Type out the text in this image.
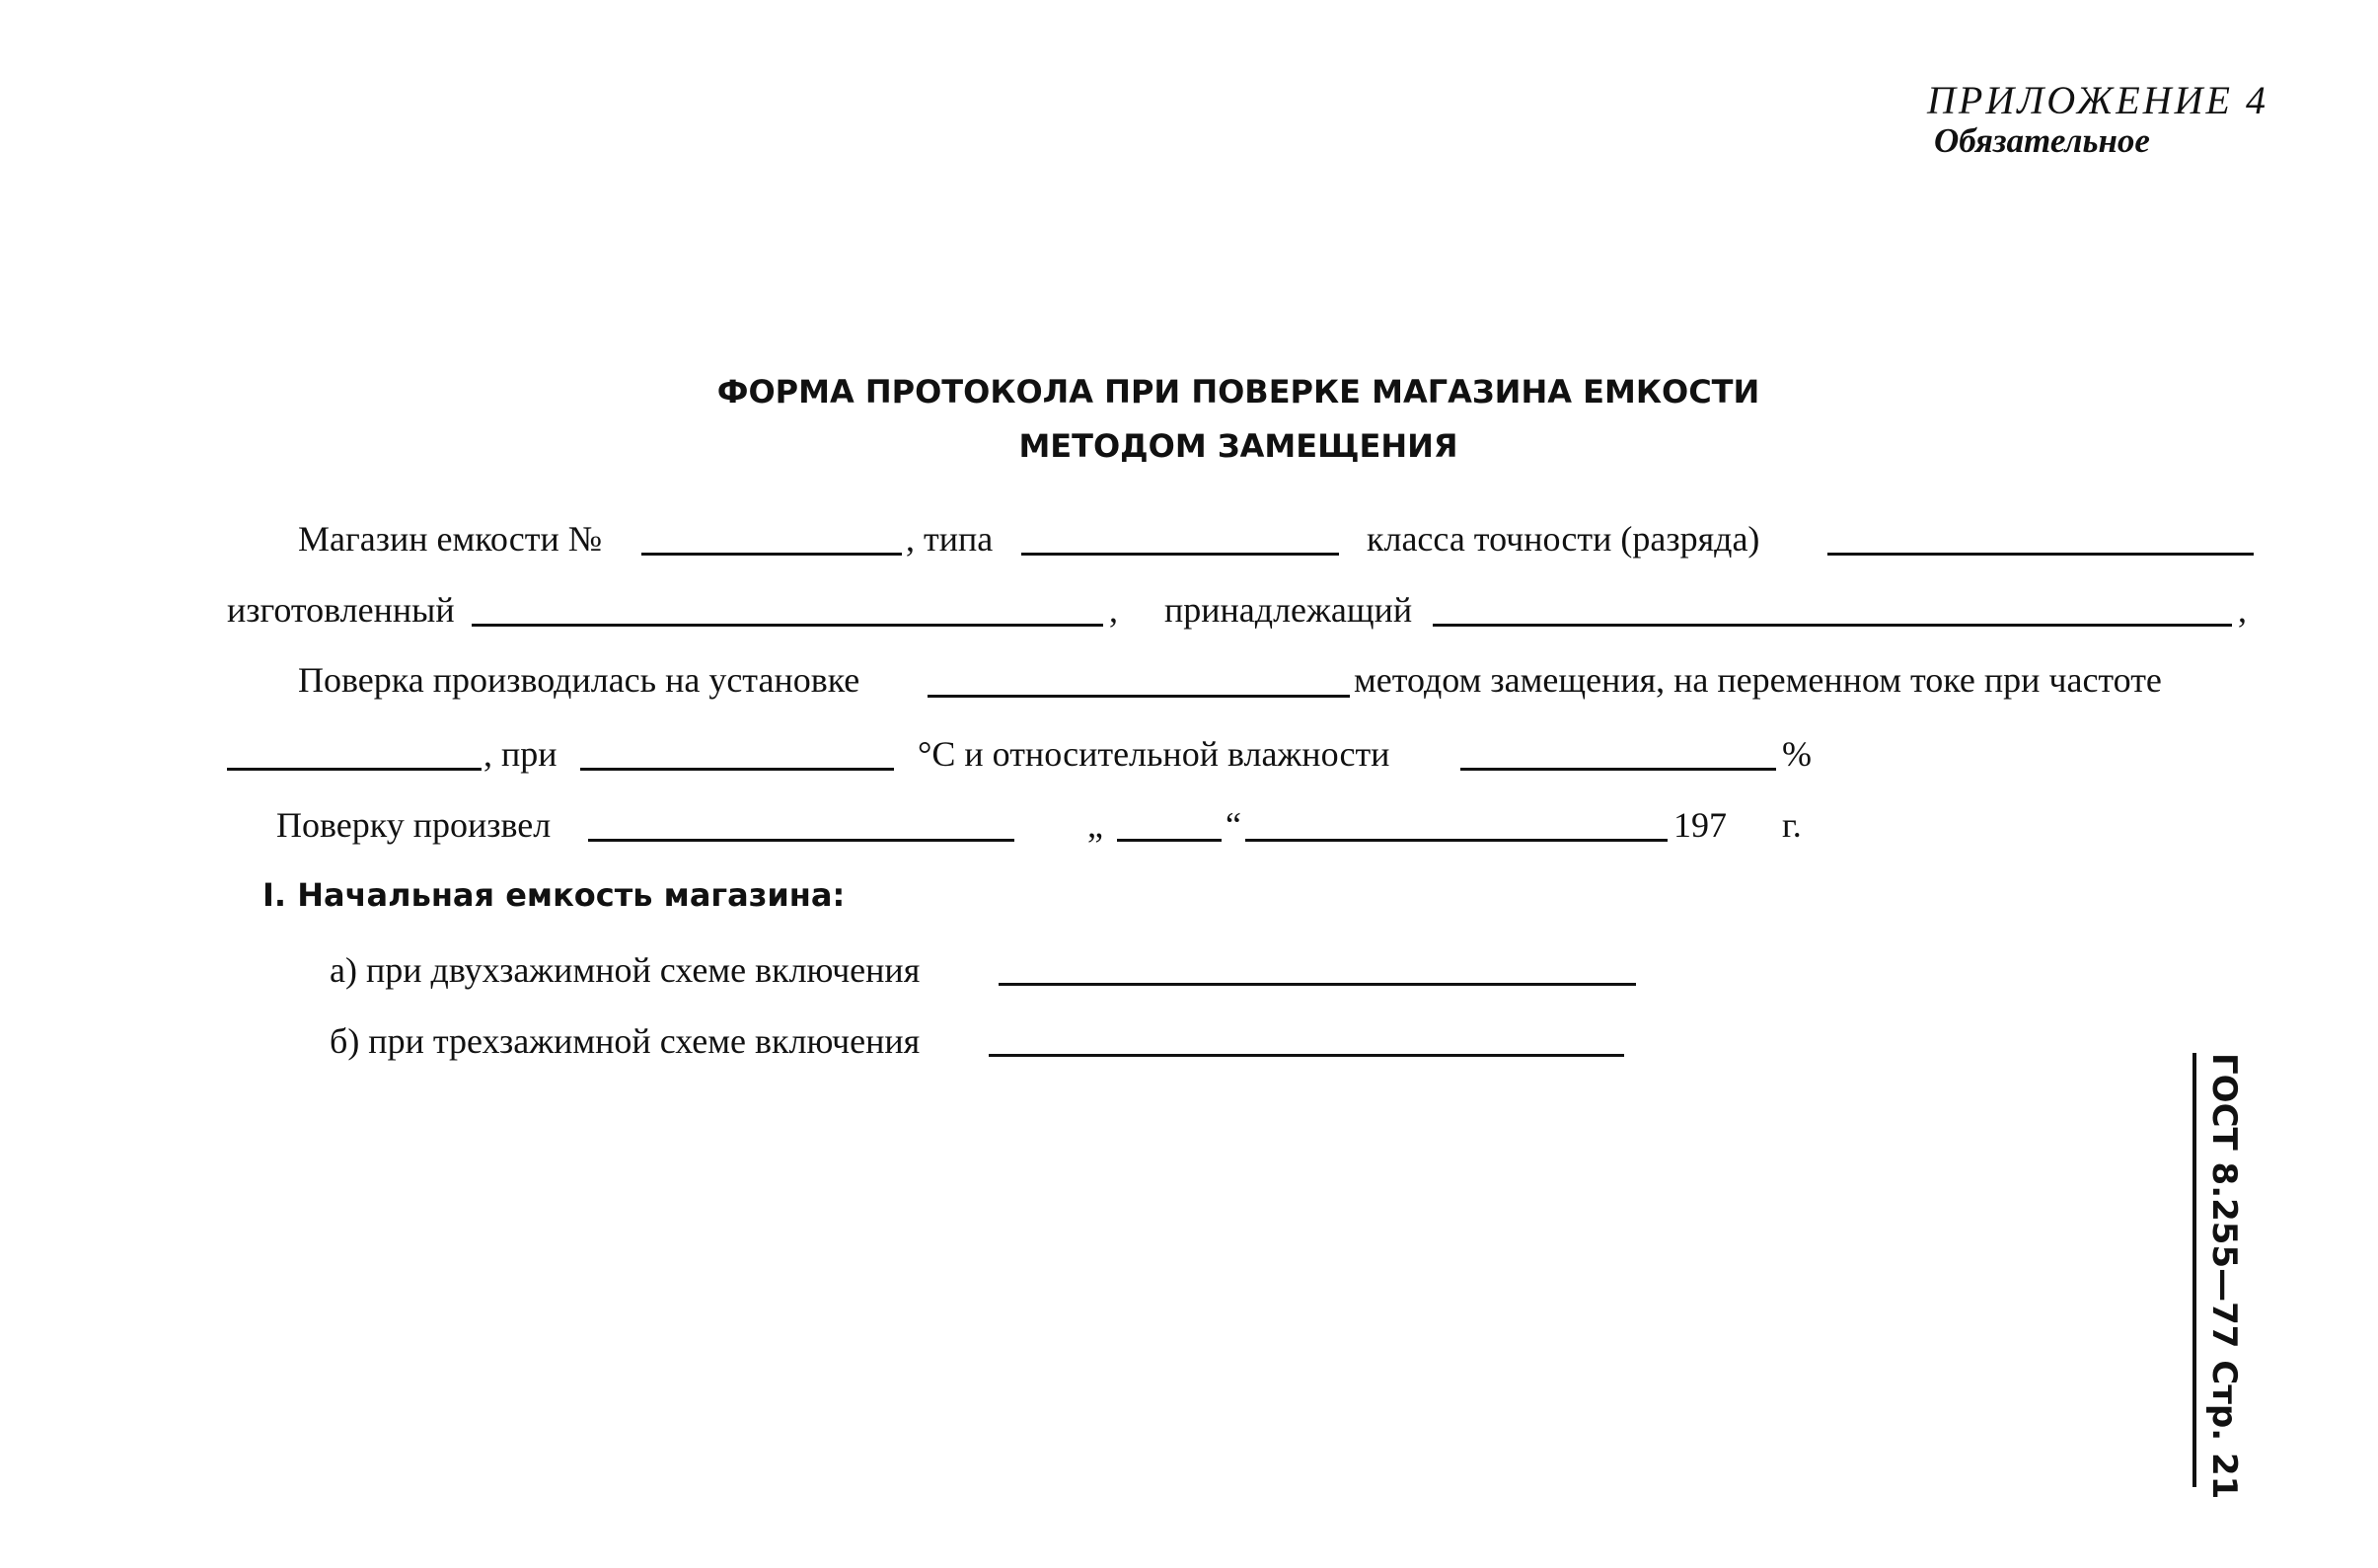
ПРИЛОЖЕНИЕ 4
Обязательное
ФОРМА ПРОТОКОЛА ПРИ ПОВЕРКЕ МАГАЗИНА ЕМКОСТИ
МЕТОДОМ ЗАМЕЩЕНИЯ
Магазин емкости №	, типа	класса точности (разряда)
изготовленный	, принадлежащий	,
Поверка производилась на установке	методом замещения, на переменном токе при частоте
, при	°C и относительной влажности	%
Поверку произвел	„	“	197 г.
I. Начальная емкость магазина:
а) при двухзажимной схеме включения
б) при трехзажимной схеме включения
ГОСТ 8.255—77 Стр. 21
